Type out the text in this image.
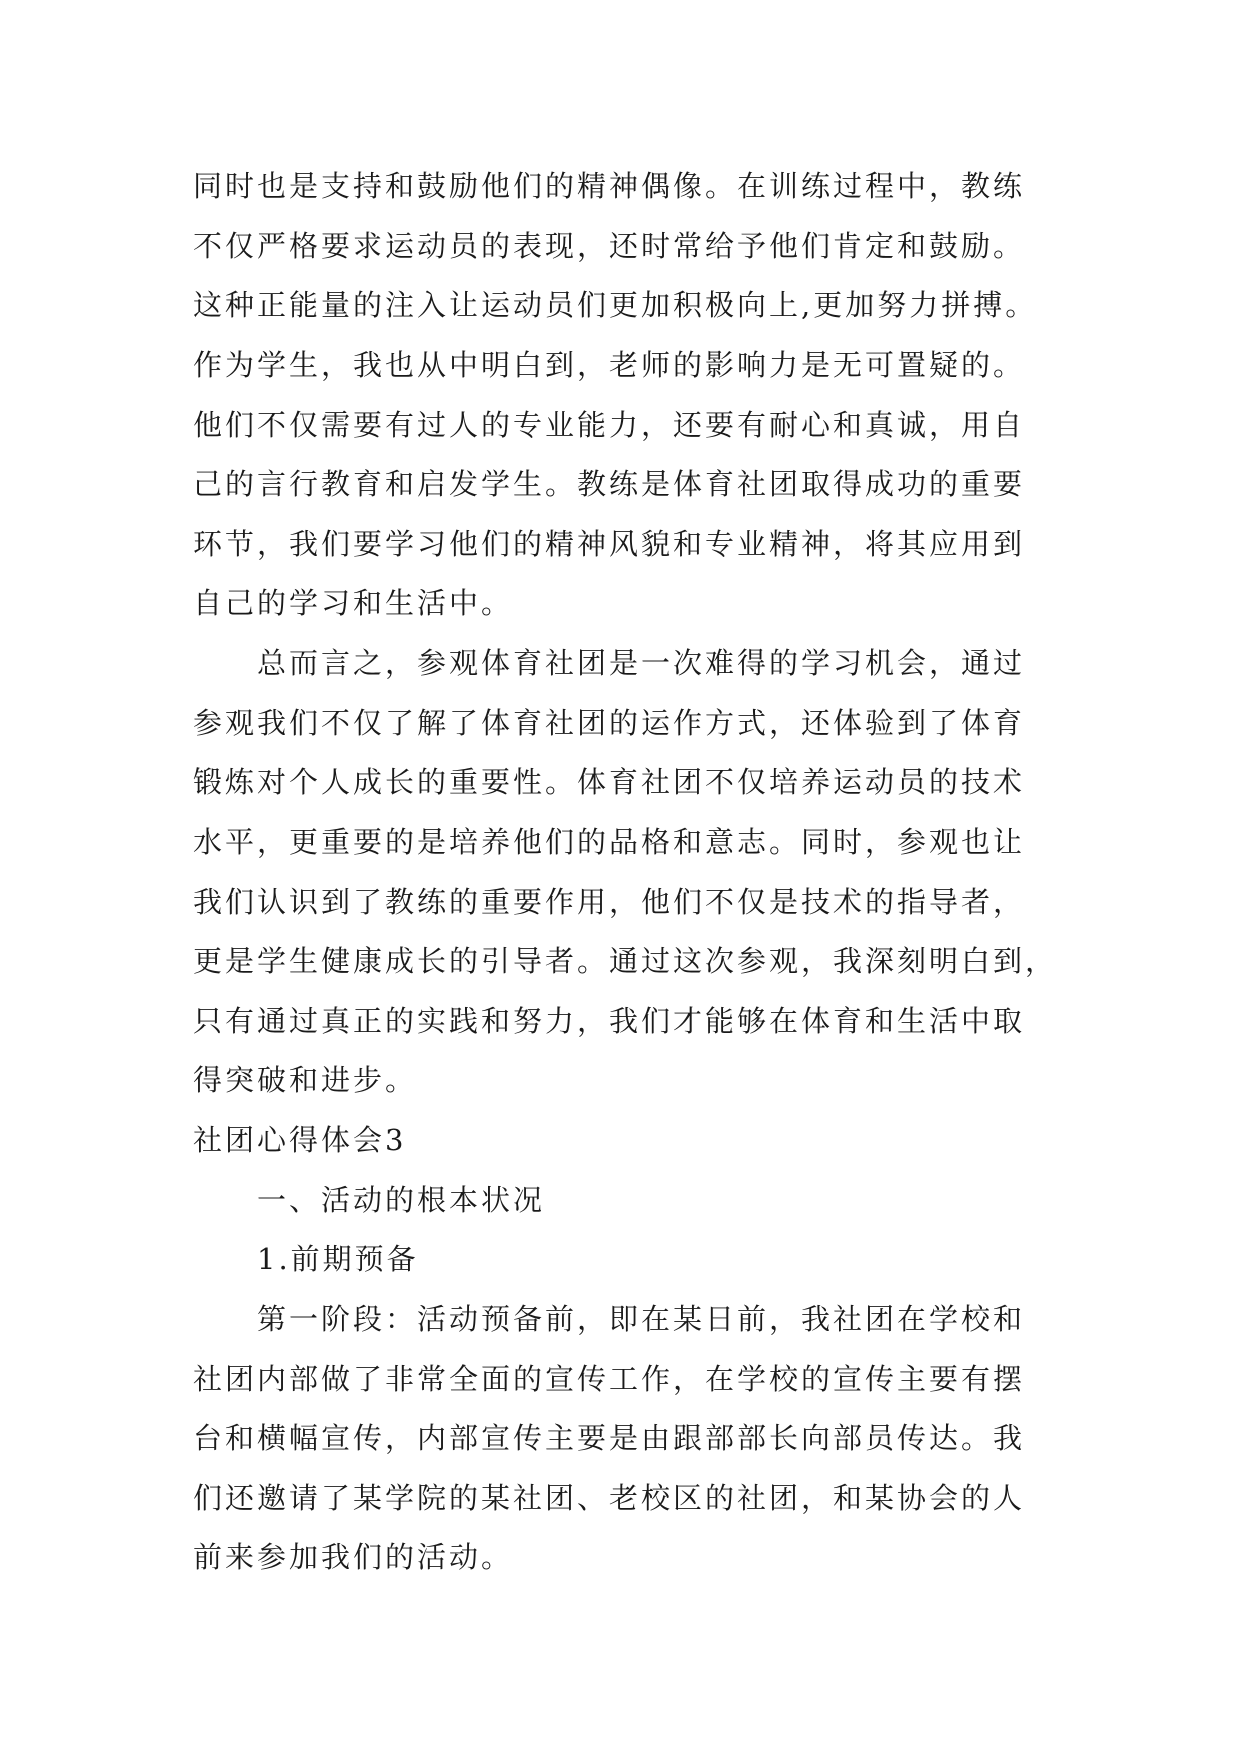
同时也是支持和鼓励他们的精神偶像。在训练过程中，教练
不仅严格要求运动员的表现，还时常给予他们肯定和鼓励。
这种正能量的注入让运动员们更加积极向上,更加努力拼搏。
作为学生，我也从中明白到，老师的影响力是无可置疑的。
他们不仅需要有过人的专业能力，还要有耐心和真诚，用自
己的言行教育和启发学生。教练是体育社团取得成功的重要
环节，我们要学习他们的精神风貌和专业精神，将其应用到
自己的学习和生活中。
总而言之，参观体育社团是一次难得的学习机会，通过
参观我们不仅了解了体育社团的运作方式，还体验到了体育
锻炼对个人成长的重要性。体育社团不仅培养运动员的技术
水平，更重要的是培养他们的品格和意志。同时，参观也让
我们认识到了教练的重要作用，他们不仅是技术的指导者，
更是学生健康成长的引导者。通过这次参观，我深刻明白到，
只有通过真正的实践和努力，我们才能够在体育和生活中取
得突破和进步。
社团心得体会3
一、活动的根本状况
1.前期预备
第一阶段：活动预备前，即在某日前，我社团在学校和
社团内部做了非常全面的宣传工作，在学校的宣传主要有摆
台和横幅宣传，内部宣传主要是由跟部部长向部员传达。我
们还邀请了某学院的某社团、老校区的社团，和某协会的人
前来参加我们的活动。
